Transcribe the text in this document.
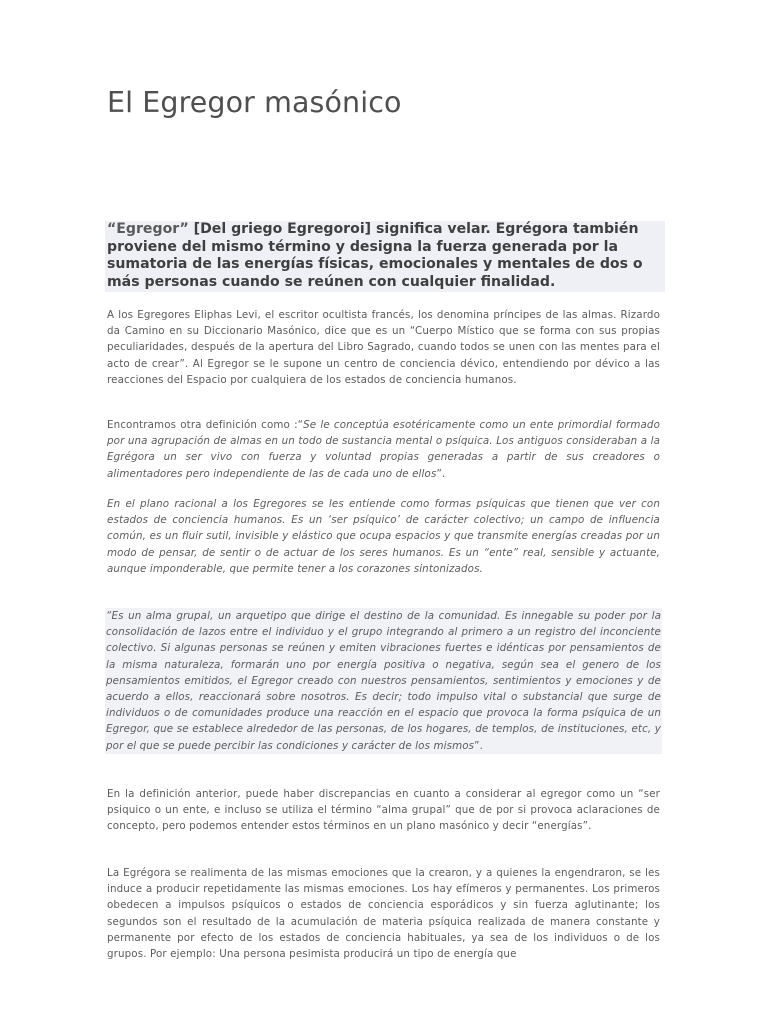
El Egregor masónico

“Egregor” [Del griego Egregoroi] significa velar. Egrégora también proviene del mismo término y designa la fuerza generada por la sumatoria de las energías físicas, emocionales y mentales de dos o más personas cuando se reúnen con cualquier finalidad.

A los Egregores Eliphas Levi, el escritor ocultista francés, los denomina príncipes de las almas. Rizardo da Camino en su Diccionario Masónico, dice que es un “Cuerpo Místico que se forma con sus propias peculiaridades, después de la apertura del Libro Sagrado, cuando todos se unen con las mentes para el acto de crear”. Al Egregor se le supone un centro de conciencia dévico, entendiendo por dévico a las reacciones del Espacio por cualquiera de los estados de conciencia humanos.

Encontramos otra definición como :“Se le conceptúa esotéricamente como un ente primordial formado por una agrupación de almas en un todo de sustancia mental o psíquica. Los antiguos consideraban a la Egrégora un ser vivo con fuerza y voluntad propias generadas a partir de sus creadores o alimentadores pero independiente de las de cada uno de ellos”.

En el plano racional a los Egregores se les entiende como formas psíquicas que tienen que ver con estados de conciencia humanos. Es un ‘ser psíquico’ de carácter colectivo; un campo de influencia común, es un fluir sutil, invisible y elástico que ocupa espacios y que transmite energías creadas por un modo de pensar, de sentir o de actuar de los seres humanos. Es un “ente” real, sensible y actuante, aunque imponderable, que permite tener a los corazones sintonizados.

“Es un alma grupal, un arquetipo que dirige el destino de la comunidad. Es innegable su poder por la consolidación de lazos entre el individuo y el grupo integrando al primero a un registro del inconciente colectivo. Si algunas personas se reúnen y emiten vibraciones fuertes e idénticas por pensamientos de la misma naturaleza, formarán uno por energía positiva o negativa, según sea el genero de los pensamientos emitidos, el Egregor creado con nuestros pensamientos, sentimientos y emociones y de acuerdo a ellos, reaccionará sobre nosotros. Es decir; todo impulso vital o substancial que surge de individuos o de comunidades produce una reacción en el espacio que provoca la forma psíquica de un Egregor, que se establece alrededor de las personas, de los hogares, de templos, de instituciones, etc, y por el que se puede percibir las condiciones y carácter de los mismos”.

En la definición anterior, puede haber discrepancias en cuanto a considerar al egregor como un “ser psiquico o un ente, e incluso se utiliza el término “alma grupal” que de por si provoca aclaraciones de concepto, pero podemos entender estos términos en un plano masónico y decir “energías”.

La Egrégora se realimenta de las mismas emociones que la crearon, y a quienes la engendraron, se les induce a producir repetidamente las mismas emociones. Los hay efímeros y permanentes. Los primeros obedecen a impulsos psíquicos o estados de conciencia esporádicos y sin fuerza aglutinante; los segundos son el resultado de la acumulación de materia psíquica realizada de manera constante y permanente por efecto de los estados de conciencia habituales, ya sea de los individuos o de los grupos. Por ejemplo: Una persona pesimista producirá un tipo de energía que
